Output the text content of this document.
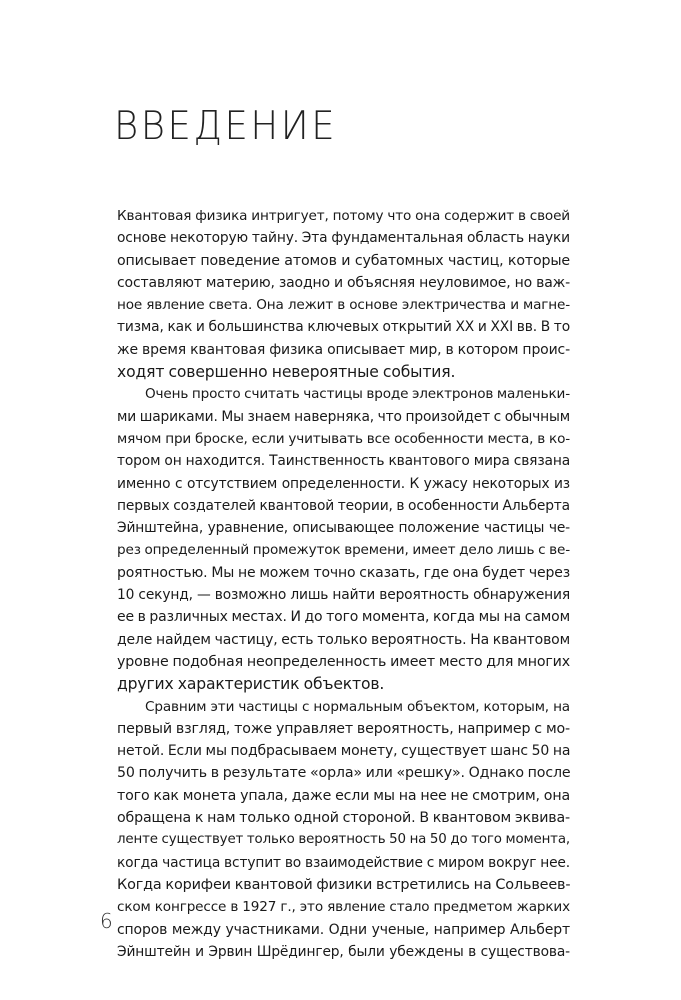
ВВЕДЕНИЕ
Квантовая физика интригует, потому что она содержит в своей
основе некоторую тайну. Эта фундаментальная область науки
описывает поведение атомов и субатомных частиц, которые
составляют материю, заодно и объясняя неуловимое, но важ-
ное явление света. Она лежит в основе электричества и магне-
тизма, как и большинства ключевых открытий XX и XXI вв. В то
же время квантовая физика описывает мир, в котором проис-
ходят совершенно невероятные события.
Очень просто считать частицы вроде электронов маленьки-
ми шариками. Мы знаем наверняка, что произойдет с обычным
мячом при броске, если учитывать все особенности места, в ко-
тором он находится. Таинственность квантового мира связана
именно с отсутствием определенности. К ужасу некоторых из
первых создателей квантовой теории, в особенности Альберта
Эйнштейна, уравнение, описывающее положение частицы че-
рез определенный промежуток времени, имеет дело лишь с ве-
роятностью. Мы не можем точно сказать, где она будет через
10 секунд, — возможно лишь найти вероятность обнаружения
ее в различных местах. И до того момента, когда мы на самом
деле найдем частицу, есть только вероятность. На квантовом
уровне подобная неопределенность имеет место для многих
других характеристик объектов.
Сравним эти частицы с нормальным объектом, которым, на
первый взгляд, тоже управляет вероятность, например с мо-
нетой. Если мы подбрасываем монету, существует шанс 50 на
50 получить в результате «орла» или «решку». Однако после
того как монета упала, даже если мы на нее не смотрим, она
обращена к нам только одной стороной. В квантовом эквива-
ленте существует только вероятность 50 на 50 до того момента,
когда частица вступит во взаимодействие с миром вокруг нее.
Когда корифеи квантовой физики встретились на Сольвеев-
ском конгрессе в 1927 г., это явление стало предметом жарких
споров между участниками. Одни ученые, например Альберт
Эйнштейн и Эрвин Шрёдингер, были убеждены в существова-
6
